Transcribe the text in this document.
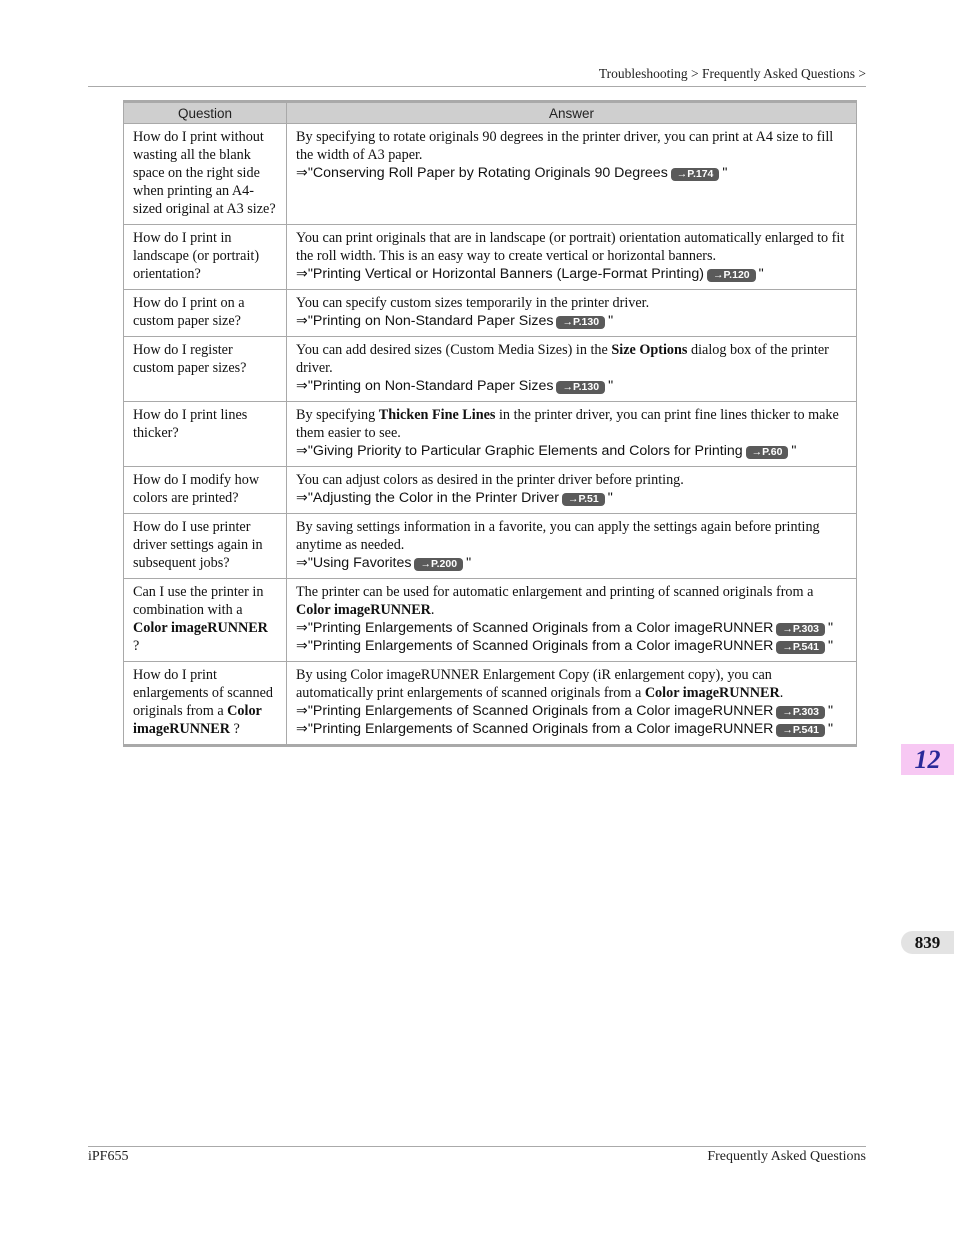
Troubleshooting > Frequently Asked Questions >
Question	Answer
How do I print without wasting all the blank space on the right side when printing an A4-sized original at A3 size?	By specifying to rotate originals 90 degrees in the printer driver, you can print at A4 size to fill the width of A3 paper.
⇒"Conserving Roll Paper by Rotating Originals 90 Degrees →P.174 "
How do I print in landscape (or portrait) orientation?	You can print originals that are in landscape (or portrait) orientation automatically enlarged to fit the roll width. This is an easy way to create vertical or horizontal banners.
⇒"Printing Vertical or Horizontal Banners (Large-Format Printing) →P.120 "
How do I print on a custom paper size?	You can specify custom sizes temporarily in the printer driver.
⇒"Printing on Non-Standard Paper Sizes →P.130 "
How do I register custom paper sizes?	You can add desired sizes (Custom Media Sizes) in the Size Options dialog box of the printer driver.
⇒"Printing on Non-Standard Paper Sizes →P.130 "
How do I print lines thicker?	By specifying Thicken Fine Lines in the printer driver, you can print fine lines thicker to make them easier to see.
⇒"Giving Priority to Particular Graphic Elements and Colors for Printing →P.60 "
How do I modify how colors are printed?	You can adjust colors as desired in the printer driver before printing.
⇒"Adjusting the Color in the Printer Driver →P.51 "
How do I use printer driver settings again in subsequent jobs?	By saving settings information in a favorite, you can apply the settings again before printing anytime as needed.
⇒"Using Favorites →P.200 "
Can I use the printer in combination with a Color imageRUNNER ?	The printer can be used for automatic enlargement and printing of scanned originals from a Color imageRUNNER.
⇒"Printing Enlargements of Scanned Originals from a Color imageRUNNER →P.303 "
⇒"Printing Enlargements of Scanned Originals from a Color imageRUNNER →P.541 "
How do I print enlargements of scanned originals from a Color imageRUNNER ?	By using Color imageRUNNER Enlargement Copy (iR enlargement copy), you can automatically print enlargements of scanned originals from a Color imageRUNNER.
⇒"Printing Enlargements of Scanned Originals from a Color imageRUNNER →P.303 "
⇒"Printing Enlargements of Scanned Originals from a Color imageRUNNER →P.541 "
12
839
iPF655	Frequently Asked Questions
